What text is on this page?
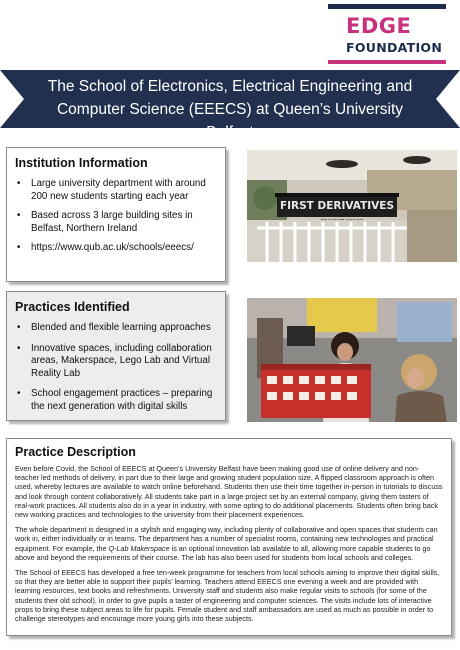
EDGE
FOUNDATION
The School of Electronics, Electrical Engineering and Computer Science (EEECS) at Queen’s University Belfast
Institution Information
• Large university department with around 200 new students starting each year
• Based across 3 large building sites in Belfast, Northern Ireland
• https://www.qub.ac.uk/schools/eeecs/
FIRST DERIVATIVES
Practices Identified
• Blended and flexible learning approaches
• Innovative spaces, including collaboration areas, Makerspace, Lego Lab and Virtual Reality Lab
• School engagement practices – preparing the next generation with digital skills
Practice Description

Even before Covid, the School of EEECS at Queen’s University Belfast have been making good use of online delivery and non-teacher led methods of delivery, in part due to their large and growing student population size. A flipped classroom approach is often used, whereby lectures are available to watch online beforehand. Students then use their time together in-person in tutorials to discuss and look through content collaboratively. All students take part in a large project set by an external company, giving them tasters of real-work practices. All students also do in a year in industry, with some opting to do additional placements. Students often bring back new working practices and technologies to the university from their placement experiences.

The whole department is designed in a stylish and engaging way, including plenty of collaborative and open spaces that students can work in, either individually or in teams. The department has a number of specialist rooms, containing new technologies and practical equipment. For example, the Q-Lab Makerspace is an optional innovation lab available to all, allowing more capable students to go above and beyond the requirements of their course. The lab has also been used for students from local schools and colleges.

The School of EEECS has developed a free ten-week programme for teachers from local schools aiming to improve their digital skills, so that they are better able to support their pupils’ learning. Teachers attend EEECS one evening a week and are provided with learning resources, text books and refreshments. University staff and students also make regular visits to schools (for some of the students their old school), in order to give pupils a taster of engineering and computer sciences. The visits include lots of interactive props to bring these subject areas to life for pupils. Female student and staff ambassadors are used as much as possible in order to challenge stereotypes and encourage more young girls into these subjects.
